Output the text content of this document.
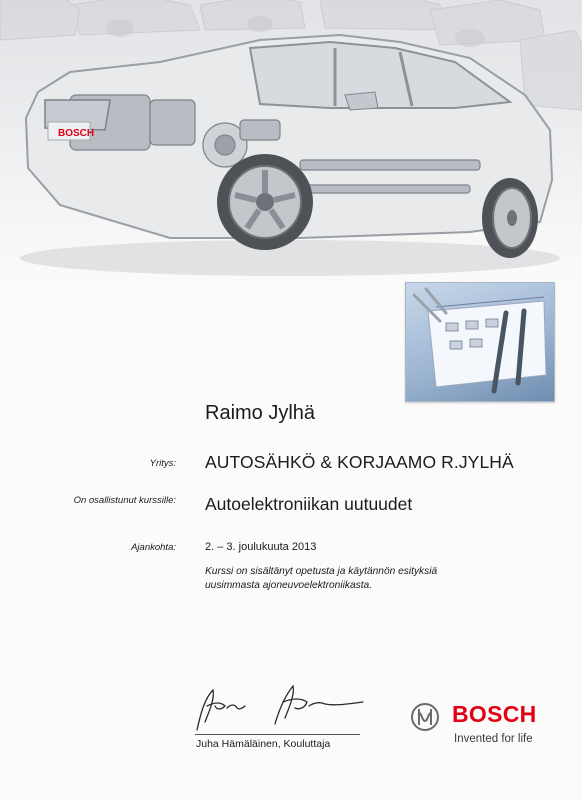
BOSCH
Raimo Jylhä
Yritys: AUTOSÄHKÖ & KORJAAMO R.JYLHÄ
On osallistunut kurssille: Autoelektroniikan uutuudet
Ajankohta:	2. – 3. joulukuuta 2013
Kurssi on sisältänyt opetusta ja käytännön esityksiä
uusimmasta ajoneuvoelektroniikasta.
Juha Hämäläinen, Kouluttaja
BOSCH
Invented for life
